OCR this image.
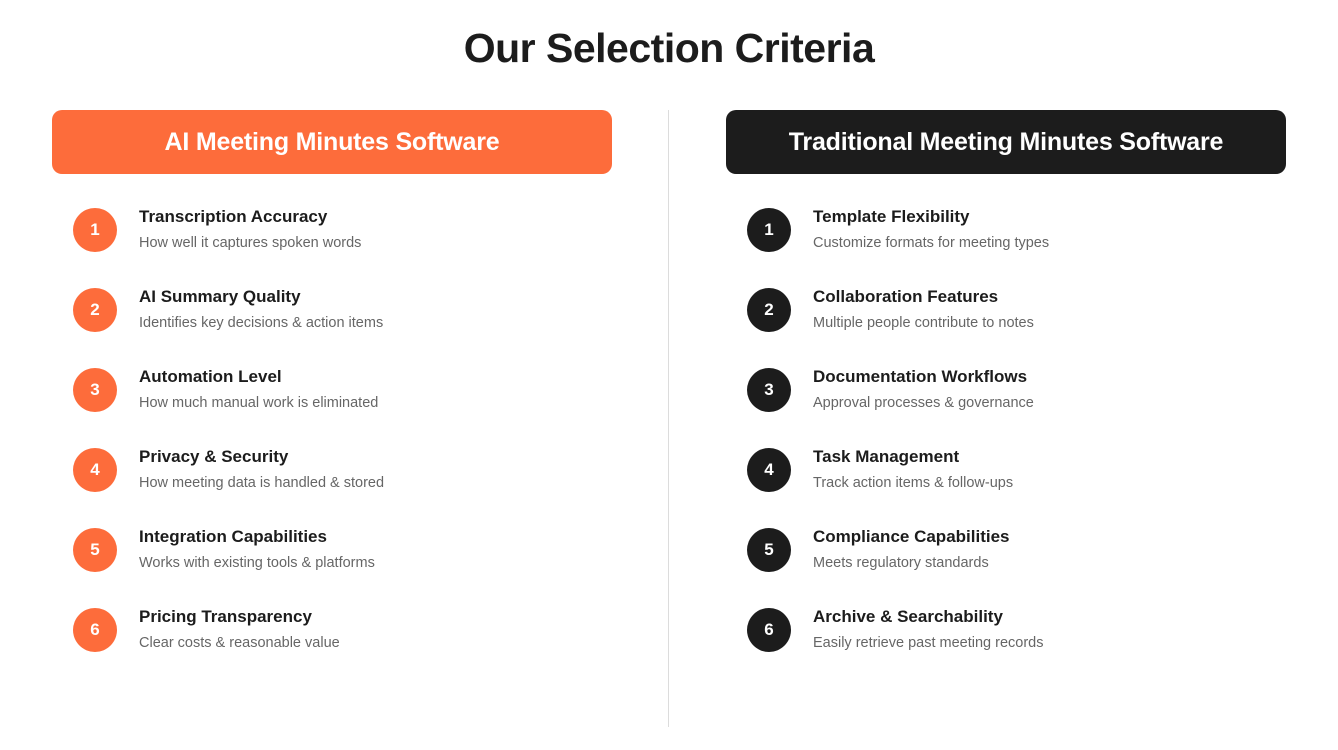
Our Selection Criteria
AI Meeting Minutes Software
1
Transcription Accuracy
How well it captures spoken words
2
AI Summary Quality
Identifies key decisions & action items
3
Automation Level
How much manual work is eliminated
4
Privacy & Security
How meeting data is handled & stored
5
Integration Capabilities
Works with existing tools & platforms
6
Pricing Transparency
Clear costs & reasonable value
Traditional Meeting Minutes Software
1
Template Flexibility
Customize formats for meeting types
2
Collaboration Features
Multiple people contribute to notes
3
Documentation Workflows
Approval processes & governance
4
Task Management
Track action items & follow-ups
5
Compliance Capabilities
Meets regulatory standards
6
Archive & Searchability
Easily retrieve past meeting records
